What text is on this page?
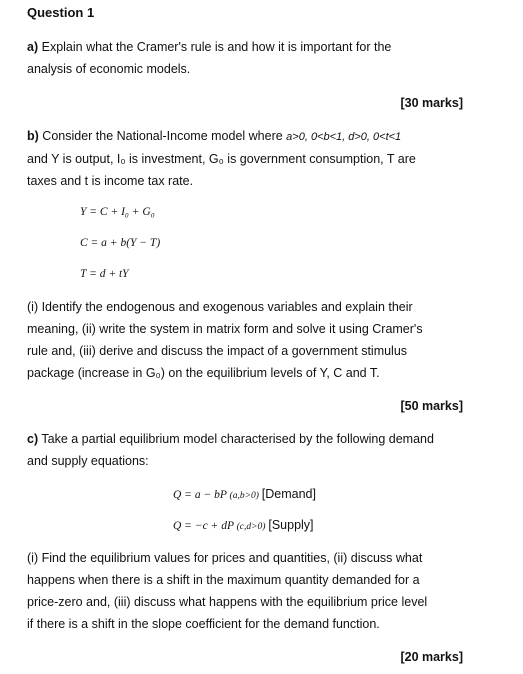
Question 1
a) Explain what the Cramer's rule is and how it is important for the
analysis of economic models.
[30 marks]
b) Consider the National-Income model where a>0, 0<b<1, d>0, 0<t<1
and Y is output, I₀ is investment, G₀ is government consumption, T are
taxes and t is income tax rate.
Y = C + I₀ + G₀
C = a + b(Y − T)
T = d + tY
(i) Identify the endogenous and exogenous variables and explain their
meaning, (ii) write the system in matrix form and solve it using Cramer's
rule and, (iii) derive and discuss the impact of a government stimulus
package (increase in G₀) on the equilibrium levels of Y, C and T.
[50 marks]
c) Take a partial equilibrium model characterised by the following demand
and supply equations:
Q = a − bP (a,b>0) [Demand]
Q = −c + dP (c,d>0) [Supply]
(i) Find the equilibrium values for prices and quantities, (ii) discuss what
happens when there is a shift in the maximum quantity demanded for a
price-zero and, (iii) discuss what happens with the equilibrium price level
if there is a shift in the slope coefficient for the demand function.
[20 marks]
